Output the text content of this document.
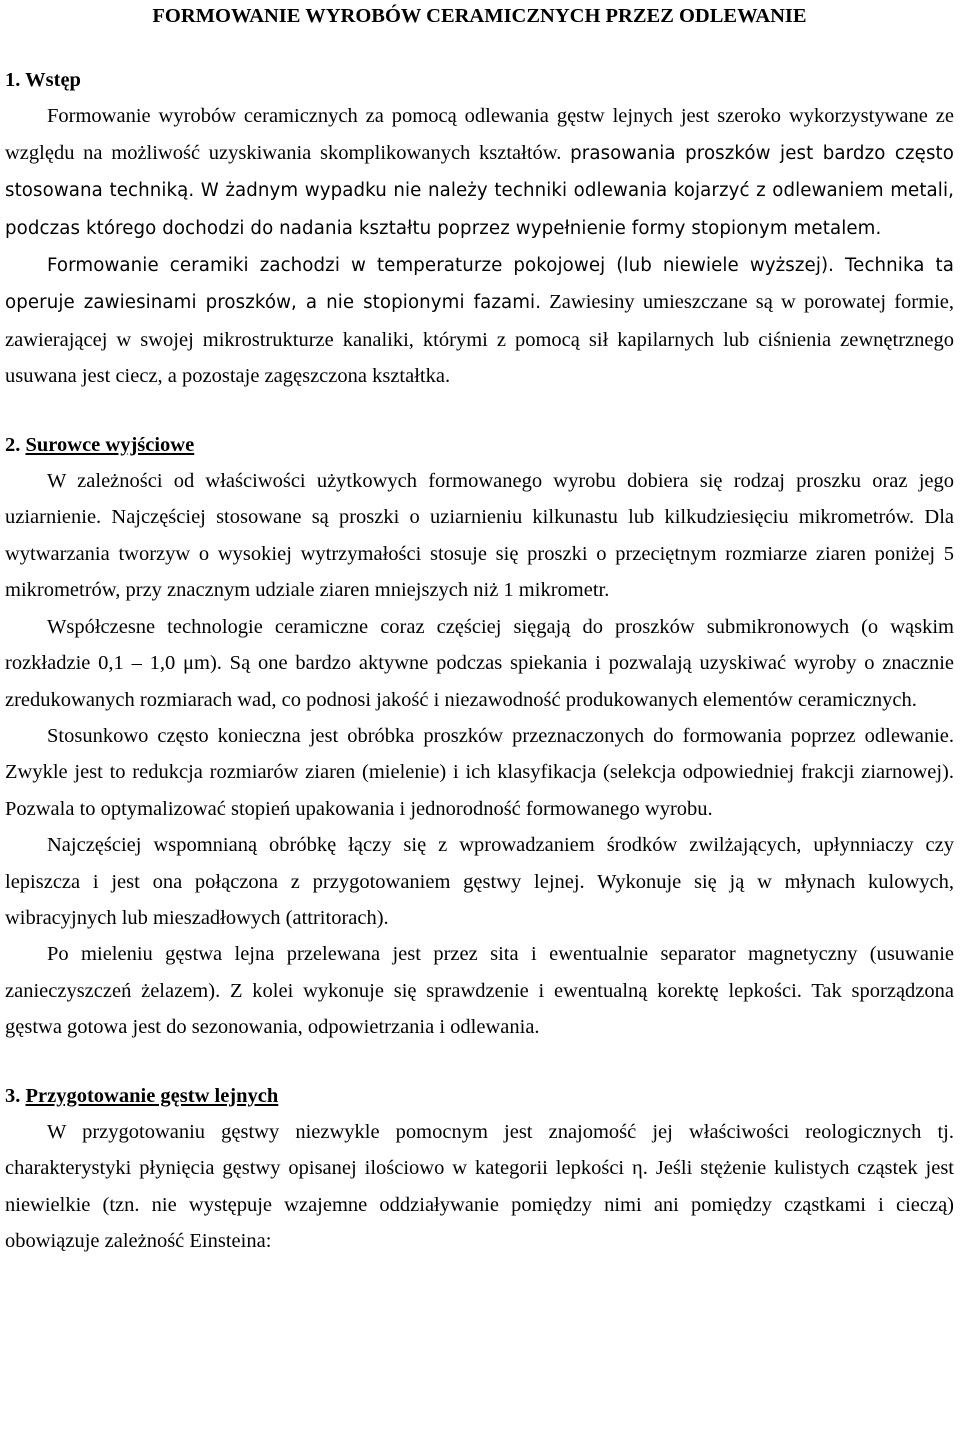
FORMOWANIE WYROBÓW CERAMICZNYCH PRZEZ ODLEWANIE
1. Wstęp

Formowanie wyrobów ceramicznych za pomocą odlewania gęstw lejnych jest szeroko wykorzystywane ze względu na możliwość uzyskiwania skomplikowanych kształtów. prasowania proszków jest bardzo często stosowana techniką. W żadnym wypadku nie należy techniki odlewania kojarzyć z odlewaniem metali, podczas którego dochodzi do nadania kształtu poprzez wypełnienie formy stopionym metalem.

Formowanie ceramiki zachodzi w temperaturze pokojowej (lub niewiele wyższej). Technika ta operuje zawiesinami proszków, a nie stopionymi fazami. Zawiesiny umieszczane są w porowatej formie, zawierającej w swojej mikrostrukturze kanaliki, którymi z pomocą sił kapilarnych lub ciśnienia zewnętrznego usuwana jest ciecz, a pozostaje zagęszczona kształtka.

2. Surowce wyjściowe

W zależności od właściwości użytkowych formowanego wyrobu dobiera się rodzaj proszku oraz jego uziarnienie. Najczęściej stosowane są proszki o uziarnieniu kilkunastu lub kilkudziesięciu mikrometrów. Dla wytwarzania tworzyw o wysokiej wytrzymałości stosuje się proszki o przeciętnym rozmiarze ziaren poniżej 5 mikrometrów, przy znacznym udziale ziaren mniejszych niż 1 mikrometr.

Współczesne technologie ceramiczne coraz częściej sięgają do proszków submikronowych (o wąskim rozkładzie 0,1 – 1,0 μm). Są one bardzo aktywne podczas spiekania i pozwalają uzyskiwać wyroby o znacznie zredukowanych rozmiarach wad, co podnosi jakość i niezawodność produkowanych elementów ceramicznych.

Stosunkowo często konieczna jest obróbka proszków przeznaczonych do formowania poprzez odlewanie. Zwykle jest to redukcja rozmiarów ziaren (mielenie) i ich klasyfikacja (selekcja odpowiedniej frakcji ziarnowej). Pozwala to optymalizować stopień upakowania i jednorodność formowanego wyrobu.

Najczęściej wspomnianą obróbkę łączy się z wprowadzaniem środków zwilżających, upłynniaczy czy lepiszcza i jest ona połączona z przygotowaniem gęstwy lejnej. Wykonuje się ją w młynach kulowych, wibracyjnych lub mieszadłowych (attritorach).

Po mieleniu gęstwa lejna przelewana jest przez sita i ewentualnie separator magnetyczny (usuwanie zanieczyszczeń żelazem). Z kolei wykonuje się sprawdzenie i ewentualną korektę lepkości. Tak sporządzona gęstwa gotowa jest do sezonowania, odpowietrzania i odlewania.

3. Przygotowanie gęstw lejnych

W przygotowaniu gęstwy niezwykle pomocnym jest znajomość jej właściwości reologicznych tj. charakterystyki płynięcia gęstwy opisanej ilościowo w kategorii lepkości η. Jeśli stężenie kulistych cząstek jest niewielkie (tzn. nie występuje wzajemne oddziaływanie pomiędzy nimi ani pomiędzy cząstkami i cieczą) obowiązuje zależność Einsteina:
